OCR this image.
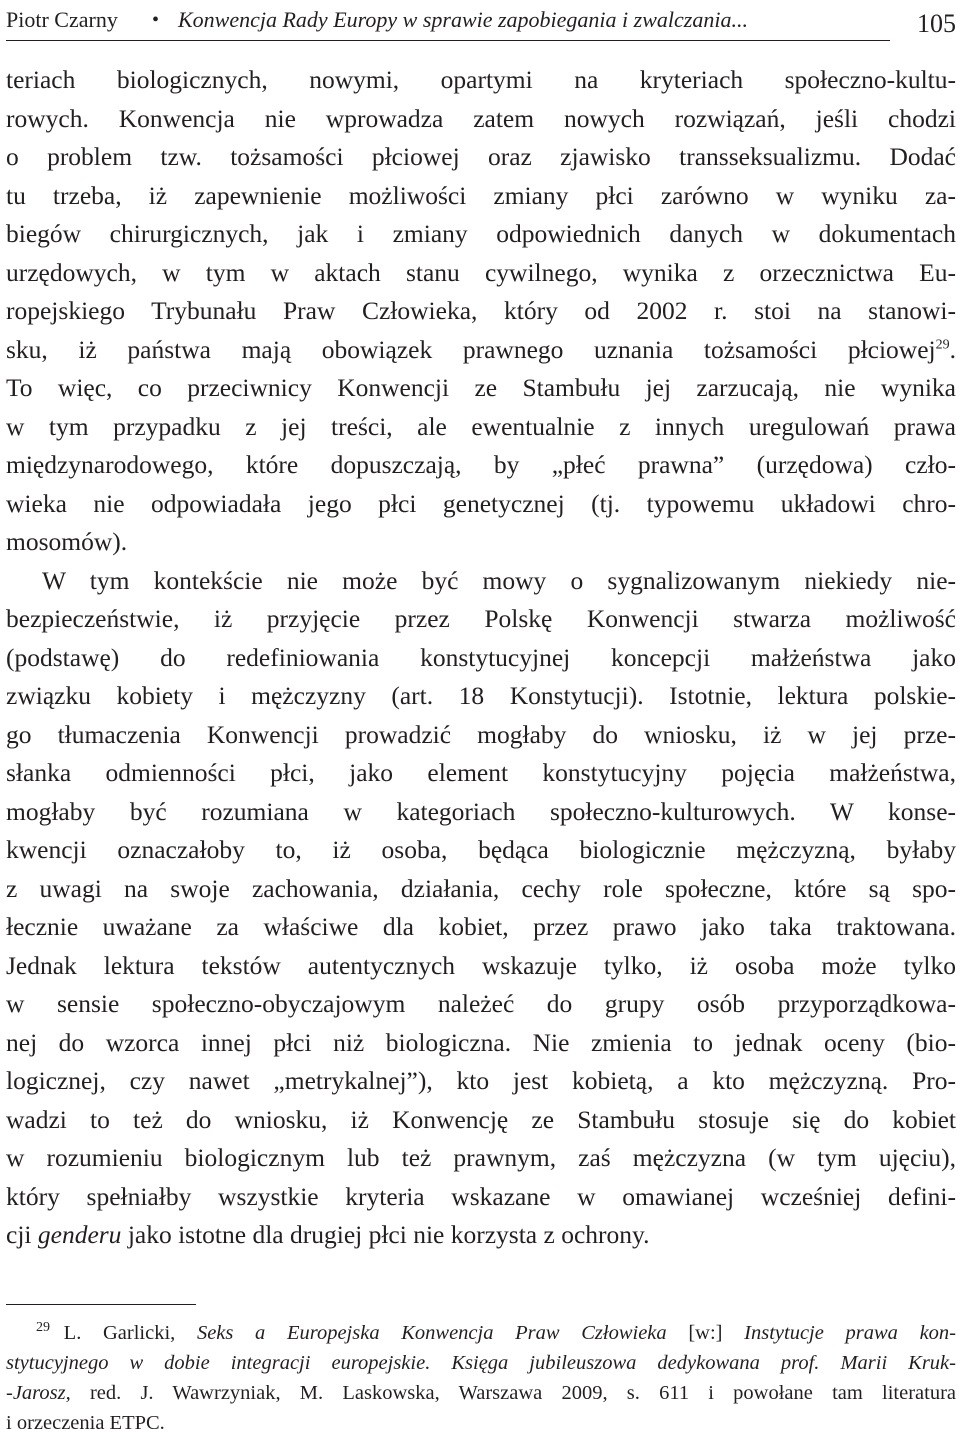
Piotr Czarny • Konwencja Rady Europy w sprawie zapobiegania i zwalczania...	105
teriach biologicznych, nowymi, opartymi na kryteriach społeczno-kultu-
rowych. Konwencja nie wprowadza zatem nowych rozwiązań, jeśli chodzi
o problem tzw. tożsamości płciowej oraz zjawisko transseksualizmu. Dodać
tu trzeba, iż zapewnienie możliwości zmiany płci zarówno w wyniku za-
biegów chirurgicznych, jak i zmiany odpowiednich danych w dokumentach
urzędowych, w tym w aktach stanu cywilnego, wynika z orzecznictwa Eu-
ropejskiego Trybunału Praw Człowieka, który od 2002 r. stoi na stanowi-
sku, iż państwa mają obowiązek prawnego uznania tożsamości płciowej$^{29}$.
To więc, co przeciwnicy Konwencji ze Stambułu jej zarzucają, nie wynika
w tym przypadku z jej treści, ale ewentualnie z innych uregulowań prawa
międzynarodowego, które dopuszczają, by „płeć prawna” (urzędowa) czło-
wieka nie odpowiadała jego płci genetycznej (tj. typowemu układowi chro-
mosomów).
W tym kontekście nie może być mowy o sygnalizowanym niekiedy nie-
bezpieczeństwie, iż przyjęcie przez Polskę Konwencji stwarza możliwość
(podstawę) do redefiniowania konstytucyjnej koncepcji małżeństwa jako
związku kobiety i mężczyzny (art. 18 Konstytucji). Istotnie, lektura polskie-
go tłumaczenia Konwencji prowadzić mogłaby do wniosku, iż w jej prze-
słanka odmienności płci, jako element konstytucyjny pojęcia małżeństwa,
mogłaby być rozumiana w kategoriach społeczno-kulturowych. W konse-
kwencji oznaczałoby to, iż osoba, będąca biologicznie mężczyzną, byłaby
z uwagi na swoje zachowania, działania, cechy role społeczne, które są spo-
łecznie uważane za właściwe dla kobiet, przez prawo jako taka traktowana.
Jednak lektura tekstów autentycznych wskazuje tylko, iż osoba może tylko
w sensie społeczno-obyczajowym należeć do grupy osób przyporządkowa-
nej do wzorca innej płci niż biologiczna. Nie zmienia to jednak oceny (bio-
logicznej, czy nawet „metrykalnej”), kto jest kobietą, a kto mężczyzną. Pro-
wadzi to też do wniosku, iż Konwencję ze Stambułu stosuje się do kobiet
w rozumieniu biologicznym lub też prawnym, zaś mężczyzna (w tym ujęciu),
który spełniałby wszystkie kryteria wskazane w omawianej wcześniej defini-
cji genderu jako istotne dla drugiej płci nie korzysta z ochrony.
29 L. Garlicki, Seks a Europejska Konwencja Praw Człowieka [w:] Instytucje prawa kon-
stytucyjnego w dobie integracji europejskie. Księga jubileuszowa dedykowana prof. Marii Kruk-
-Jarosz, red. J. Wawrzyniak, M. Laskowska, Warszawa 2009, s. 611 i powołane tam literatura
i orzeczenia ETPC.
